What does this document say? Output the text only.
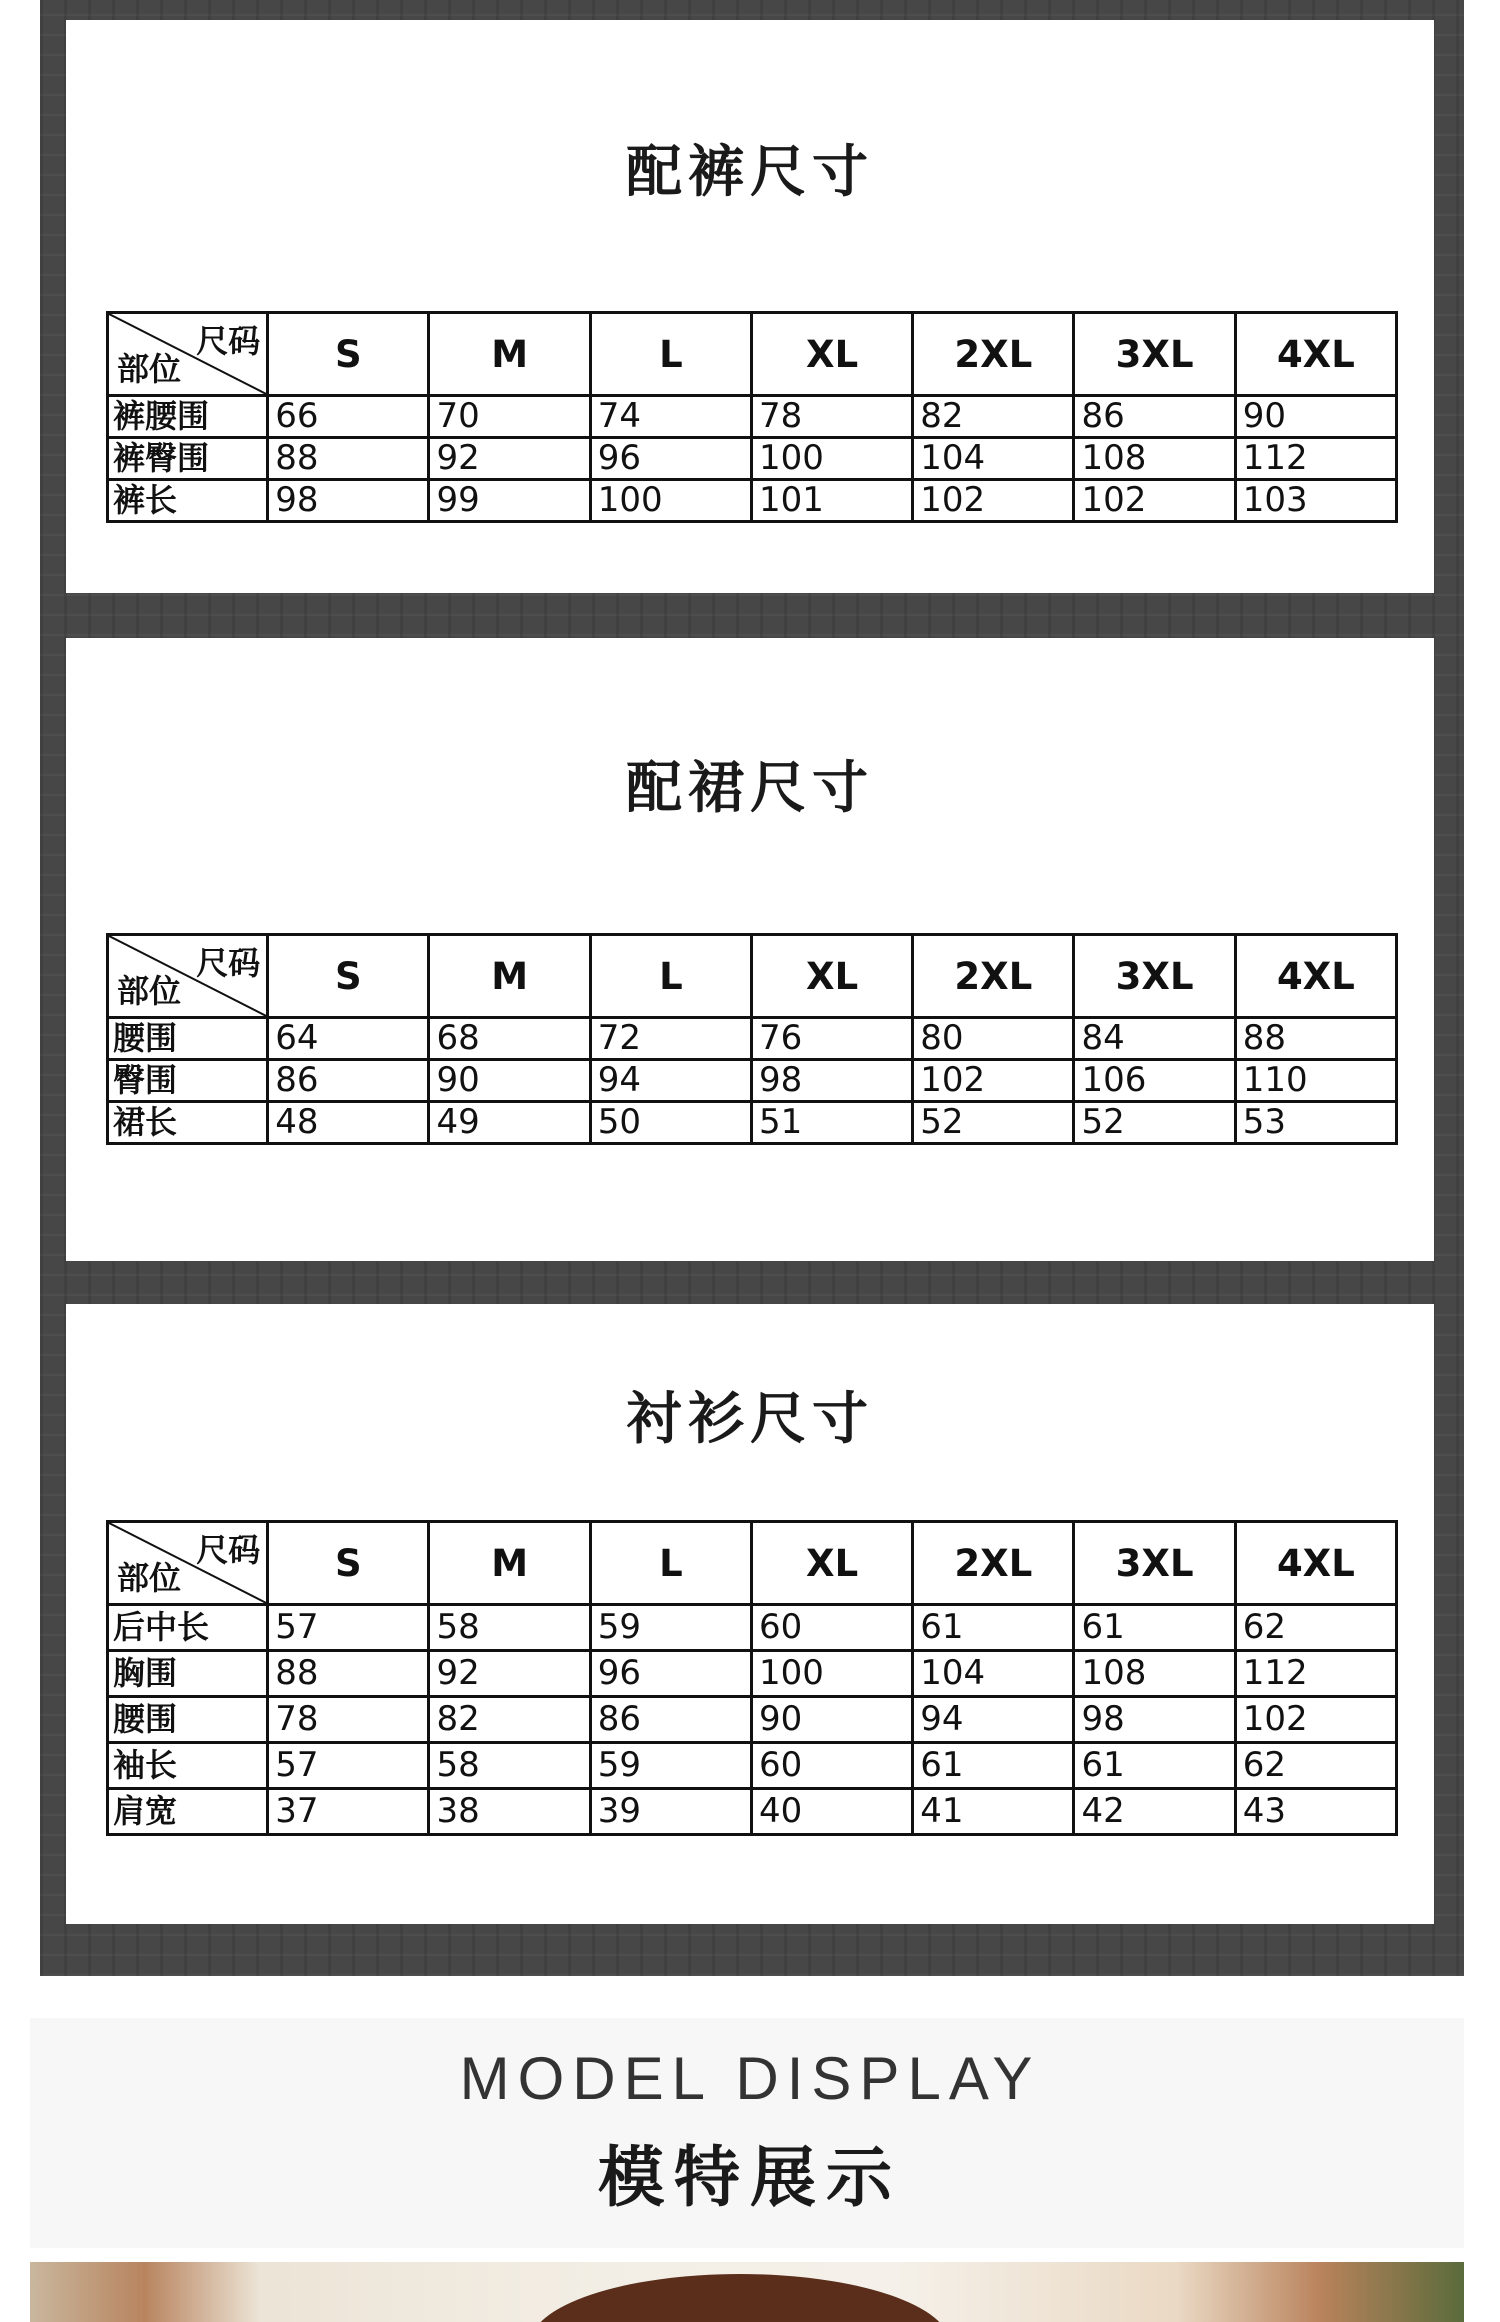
配裤尺寸
尺码
部位	S	M	L	XL	2XL	3XL	4XL
裤腰围	66	70	74	78	82	86	90
裤臀围	88	92	96	100	104	108	112
裤长	98	99	100	101	102	102	103
配裙尺寸
尺码
部位	S	M	L	XL	2XL	3XL	4XL
腰围	64	68	72	76	80	84	88
臀围	86	90	94	98	102	106	110
裙长	48	49	50	51	52	52	53
衬衫尺寸
尺码
部位	S	M	L	XL	2XL	3XL	4XL
后中长	57	58	59	60	61	61	62
胸围	88	92	96	100	104	108	112
腰围	78	82	86	90	94	98	102
袖长	57	58	59	60	61	61	62
肩宽	37	38	39	40	41	42	43
MODEL DISPLAY
模特展示
